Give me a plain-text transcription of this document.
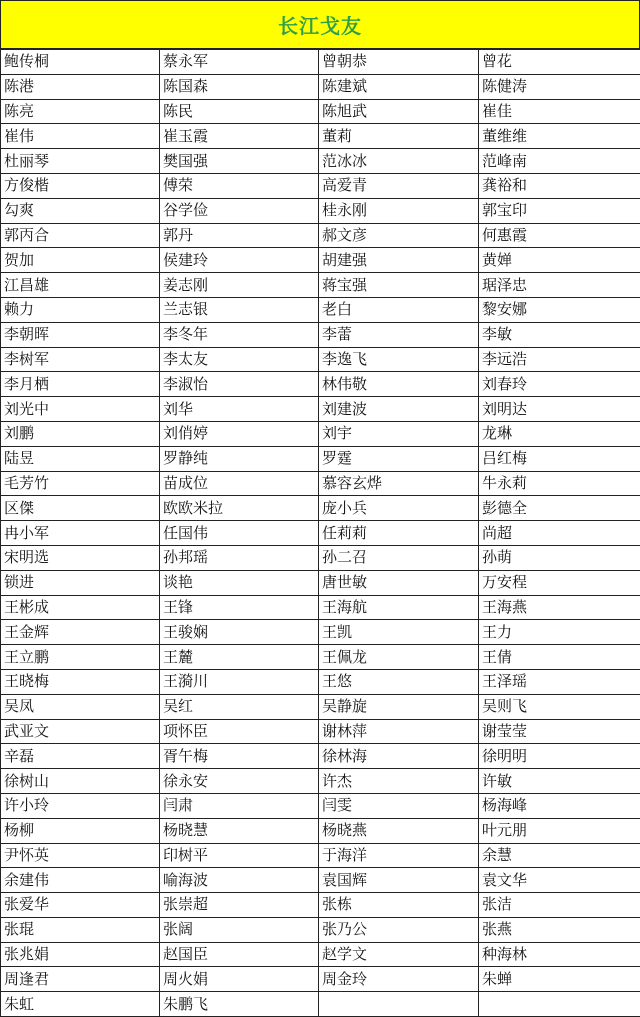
长江戈友
鲍传桐	蔡永军	曾朝恭	曾花
陈港	陈国森	陈建斌	陈健涛
陈亮	陈民	陈旭武	崔佳
崔伟	崔玉霞	董莉	董维维
杜丽琴	樊国强	范冰冰	范峰南
方俊楷	傅荣	高爱青	龚裕和
勾爽	谷学俭	桂永刚	郭宝印
郭丙合	郭丹	郝文彦	何惠霞
贺加	侯建玲	胡建强	黄婵
江昌雄	姜志刚	蒋宝强	琚泽忠
赖力	兰志银	老白	黎安娜
李朝晖	李冬年	李蕾	李敏
李树军	李太友	李逸飞	李远浩
李月栖	李淑怡	林伟敬	刘春玲
刘光中	刘华	刘建波	刘明达
刘鹏	刘俏婷	刘宇	龙琳
陆昱	罗静纯	罗霆	吕红梅
毛芳竹	苗成位	慕容玄烨	牛永莉
区傑	欧欧米拉	庞小兵	彭德全
冉小军	任国伟	任莉莉	尚超
宋明选	孙邦瑶	孙二召	孙萌
锁进	谈艳	唐世敏	万安程
王彬成	王锋	王海航	王海燕
王金辉	王骏娴	王凯	王力
王立鹏	王麓	王佩龙	王倩
王晓梅	王漪川	王悠	王泽瑶
吴凤	吴红	吴静旋	吴则飞
武亚文	项怀臣	谢林萍	谢莹莹
辛磊	胥午梅	徐林海	徐明明
徐树山	徐永安	许杰	许敏
许小玲	闫肃	闫雯	杨海峰
杨柳	杨晓慧	杨晓燕	叶元朋
尹怀英	印树平	于海洋	余慧
余建伟	喻海波	袁国辉	袁文华
张爱华	张崇超	张栋	张洁
张琨	张阔	张乃公	张燕
张兆娟	赵国臣	赵学文	种海林
周逢君	周火娟	周金玲	朱蝉
朱虹	朱鹏飞		
